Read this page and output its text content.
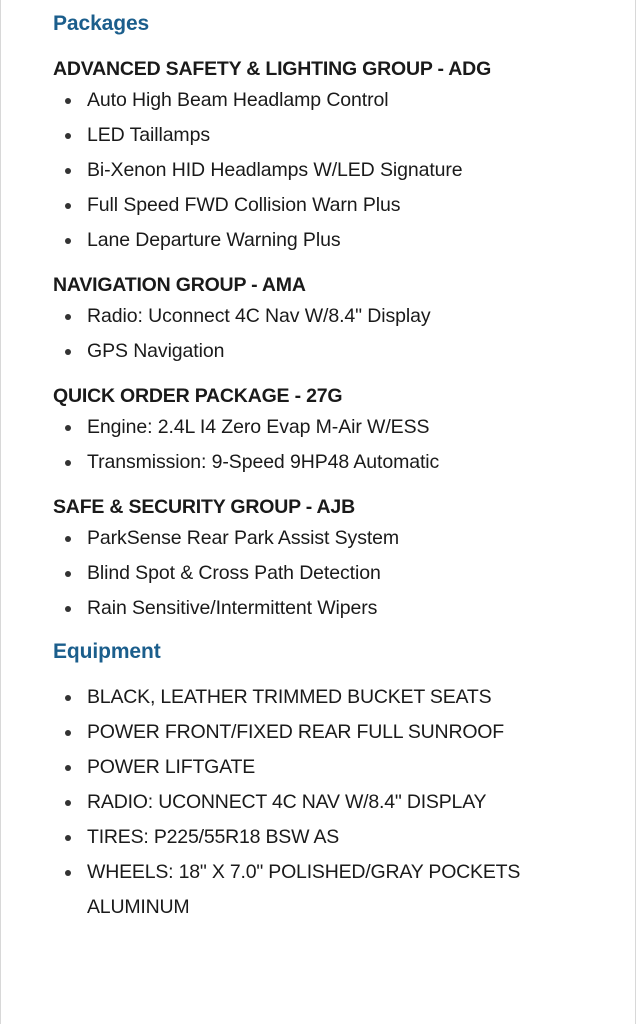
Packages
ADVANCED SAFETY & LIGHTING GROUP - ADG
Auto High Beam Headlamp Control
LED Taillamps
Bi-Xenon HID Headlamps W/LED Signature
Full Speed FWD Collision Warn Plus
Lane Departure Warning Plus
NAVIGATION GROUP - AMA
Radio: Uconnect 4C Nav W/8.4" Display
GPS Navigation
QUICK ORDER PACKAGE - 27G
Engine: 2.4L I4 Zero Evap M-Air W/ESS
Transmission: 9-Speed 9HP48 Automatic
SAFE & SECURITY GROUP - AJB
ParkSense Rear Park Assist System
Blind Spot & Cross Path Detection
Rain Sensitive/Intermittent Wipers
Equipment
BLACK, LEATHER TRIMMED BUCKET SEATS
POWER FRONT/FIXED REAR FULL SUNROOF
POWER LIFTGATE
RADIO: UCONNECT 4C NAV W/8.4" DISPLAY
TIRES: P225/55R18 BSW AS
WHEELS: 18" X 7.0" POLISHED/GRAY POCKETS ALUMINUM
